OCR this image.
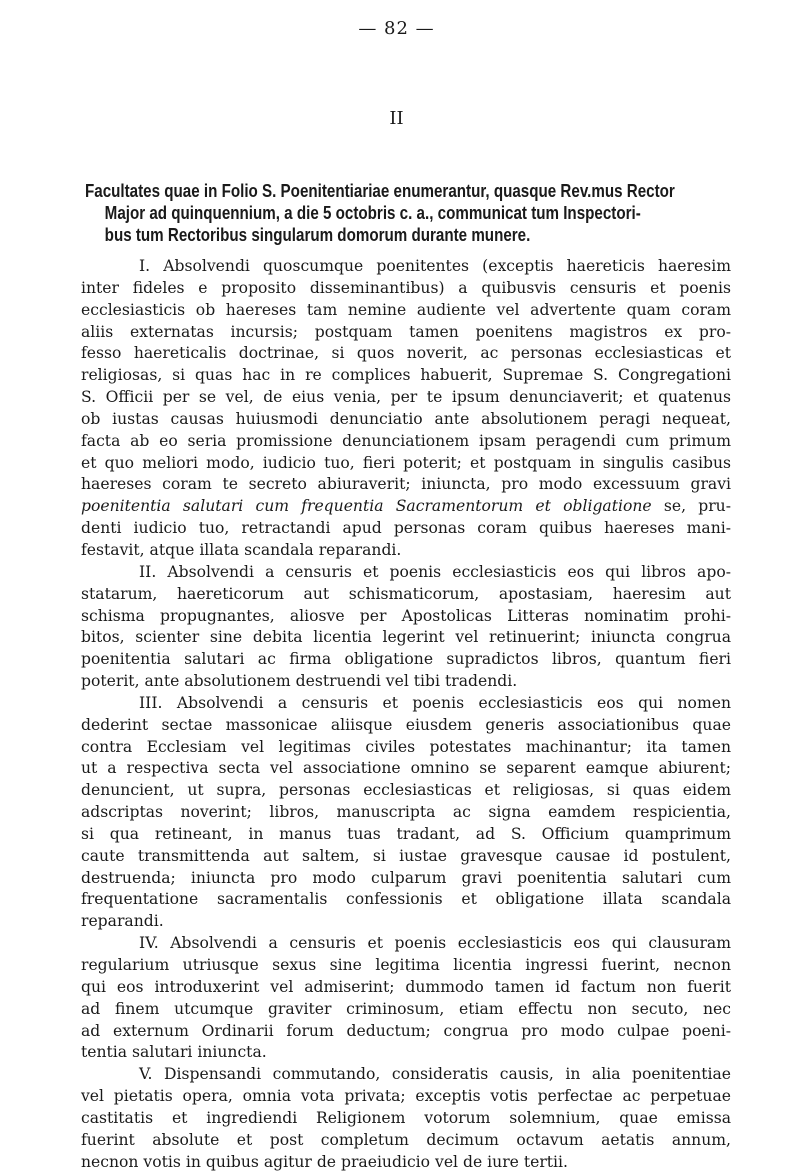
— 82 —
II
Facultates quae in Folio S. Poenitentiariae enumerantur, quasque Rev.mus Rector
Major ad quinquennium, a die 5 octobris c. a., communicat tum Inspectori-
bus tum Rectoribus singularum domorum durante munere.
I. Absolvendi quoscumque poenitentes (exceptis haereticis haeresim
inter fideles e proposito disseminantibus) a quibusvis censuris et poenis
ecclesiasticis ob haereses tam nemine audiente vel advertente quam coram
aliis externatas incursis; postquam tamen poenitens magistros ex pro-
fesso haereticalis doctrinae, si quos noverit, ac personas ecclesiasticas et
religiosas, si quas hac in re complices habuerit, Supremae S. Congregationi
S. Officii per se vel, de eius venia, per te ipsum denunciaverit; et quatenus
ob iustas causas huiusmodi denunciatio ante absolutionem peragi nequeat,
facta ab eo seria promissione denunciationem ipsam peragendi cum primum
et quo meliori modo, iudicio tuo, fieri poterit; et postquam in singulis casibus
haereses coram te secreto abiuraverit; iniuncta, pro modo excessuum gravi
poenitentia salutari cum frequentia Sacramentorum et obligatione se, pru-
denti iudicio tuo, retractandi apud personas coram quibus haereses mani-
festavit, atque illata scandala reparandi.
II. Absolvendi a censuris et poenis ecclesiasticis eos qui libros apo-
statarum, haereticorum aut schismaticorum, apostasiam, haeresim aut
schisma propugnantes, aliosve per Apostolicas Litteras nominatim prohi-
bitos, scienter sine debita licentia legerint vel retinuerint; iniuncta congrua
poenitentia salutari ac firma obligatione supradictos libros, quantum fieri
poterit, ante absolutionem destruendi vel tibi tradendi.
III. Absolvendi a censuris et poenis ecclesiasticis eos qui nomen
dederint sectae massonicae aliisque eiusdem generis associationibus quae
contra Ecclesiam vel legitimas civiles potestates machinantur; ita tamen
ut a respectiva secta vel associatione omnino se separent eamque abiurent;
denuncient, ut supra, personas ecclesiasticas et religiosas, si quas eidem
adscriptas noverint; libros, manuscripta ac signa eamdem respicientia,
si qua retineant, in manus tuas tradant, ad S. Officium quamprimum
caute transmittenda aut saltem, si iustae gravesque causae id postulent,
destruenda; iniuncta pro modo culparum gravi poenitentia salutari cum
frequentatione sacramentalis confessionis et obligatione illata scandala
reparandi.
IV. Absolvendi a censuris et poenis ecclesiasticis eos qui clausuram
regularium utriusque sexus sine legitima licentia ingressi fuerint, necnon
qui eos introduxerint vel admiserint; dummodo tamen id factum non fuerit
ad finem utcumque graviter criminosum, etiam effectu non secuto, nec
ad externum Ordinarii forum deductum; congrua pro modo culpae poeni-
tentia salutari iniuncta.
V. Dispensandi commutando, consideratis causis, in alia poenitentiae
vel pietatis opera, omnia vota privata; exceptis votis perfectae ac perpetuae
castitatis et ingrediendi Religionem votorum solemnium, quae emissa
fuerint absolute et post completum decimum octavum aetatis annum,
necnon votis in quibus agitur de praeiudicio vel de iure tertii.
